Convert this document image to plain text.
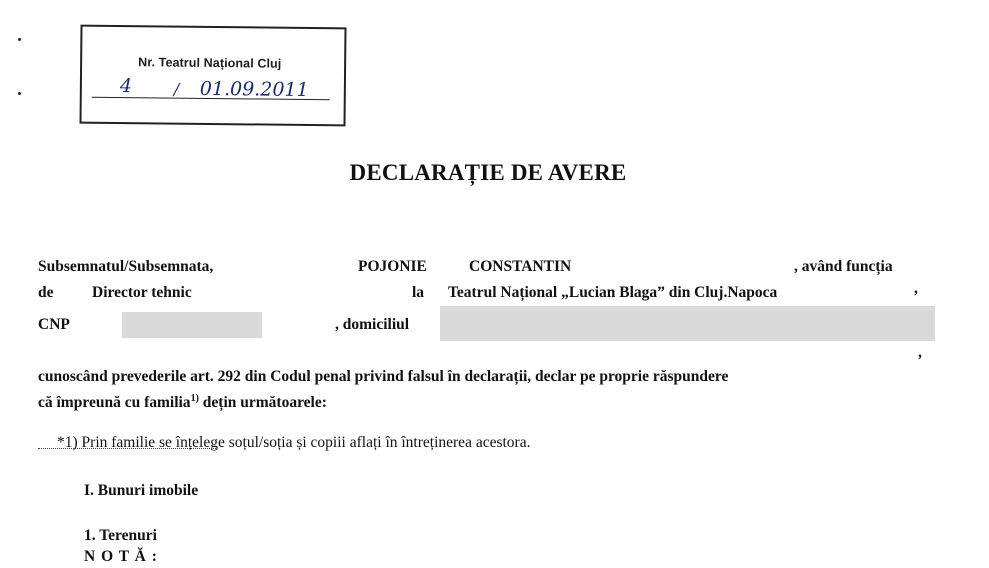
Nr. Teatrul Național Cluj
4	/ 01.09.2011
DECLARAȚIE DE AVERE
Subsemnatul/Subsemnata,	POJONIE	CONSTANTIN	, având funcția
de Director tehnic	la Teatrul Național „Lucian Blaga” din Cluj.Napoca	,
CNP	, domiciliul
,
cunoscând prevederile art. 292 din Codul penal privind falsul în declarații, declar pe proprie răspundere
că împreună cu familia$^{1)}$ dețin următoarele:
*1) Prin familie se înțelege soțul/soția și copiii aflați în întreținerea acestora.
I. Bunuri imobile
1. Terenuri
N O T Ă :
